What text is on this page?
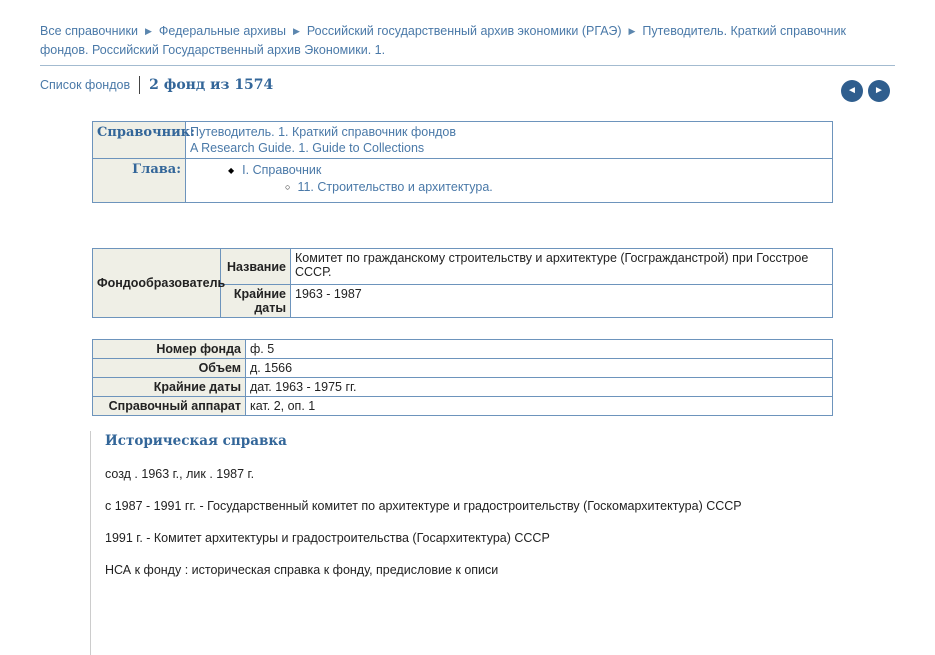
Все справочники ▶ Федеральные архивы ▶ Российский государственный архив экономики (РГАЭ) ▶ Путеводитель. Краткий справочник фондов. Российский Государственный архив Экономики. 1.
Список фондов 2 фонд из 1574	◄	►
Справочник:	Путеводитель. 1. Краткий справочник фондов
A Research Guide. 1. Guide to Collections
Глава:	◆ I. Справочник
○ 11. Строительство и архитектура.
Фондообразователь	Название	Комитет по гражданскому строительству и архитектуре (Госгражданстрой) при Госстрое СССР.
	Крайние даты	1963 - 1987
Номер фонда	ф. 5
Объем	д. 1566
Крайние даты	дат. 1963 - 1975 гг.
Справочный аппарат	кат. 2, оп. 1
Историческая справка

созд . 1963 г., лик . 1987 г.

с 1987 - 1991 гг. - Государственный комитет по архитектуре и градостроительству (Госкомархитектура) СССР

1991 г. - Комитет архитектуры и градостроительства (Госархитектура) СССР

НСА к фонду : историческая справка к фонду, предисловие к описи
